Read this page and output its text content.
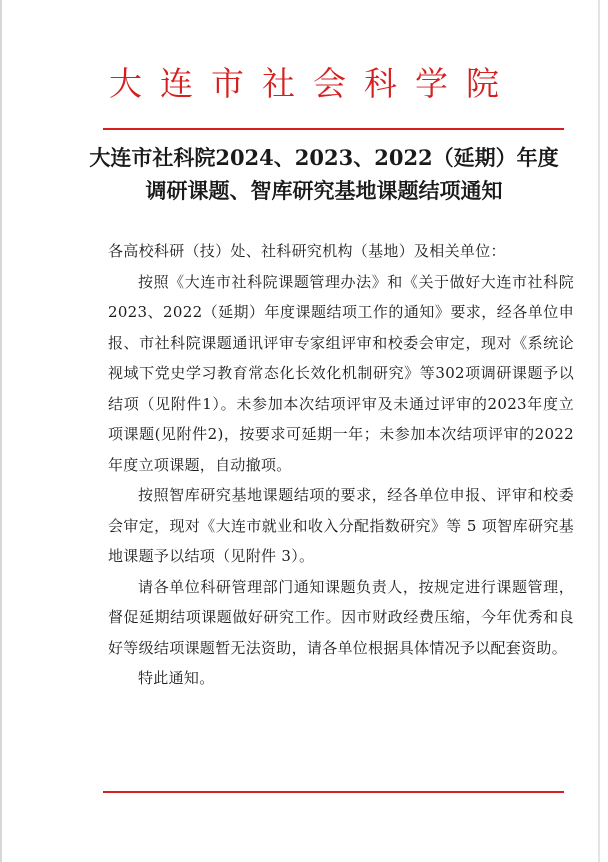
大连市社会科学院
大连市社科院2024、2023、2022（延期）年度
调研课题、智库研究基地课题结项通知

各高校科研（技）处、社科研究机构（基地）及相关单位：

按照《大连市社科院课题管理办法》和《关于做好大连市社科院2023、2022（延期）年度课题结项工作的通知》要求，经各单位申报、市社科院课题通讯评审专家组评审和校委会审定，现对《系统论视域下党史学习教育常态化长效化机制研究》等302项调研课题予以结项（见附件1）。未参加本次结项评审及未通过评审的2023年度立项课题(见附件2)，按要求可延期一年；未参加本次结项评审的2022年度立项课题，自动撤项。

按照智库研究基地课题结项的要求，经各单位申报、评审和校委会审定，现对《大连市就业和收入分配指数研究》等 5 项智库研究基地课题予以结项（见附件 3）。

请各单位科研管理部门通知课题负责人，按规定进行课题管理，督促延期结项课题做好研究工作。因市财政经费压缩，今年优秀和良好等级结项课题暂无法资助，请各单位根据具体情况予以配套资助。

特此通知。
